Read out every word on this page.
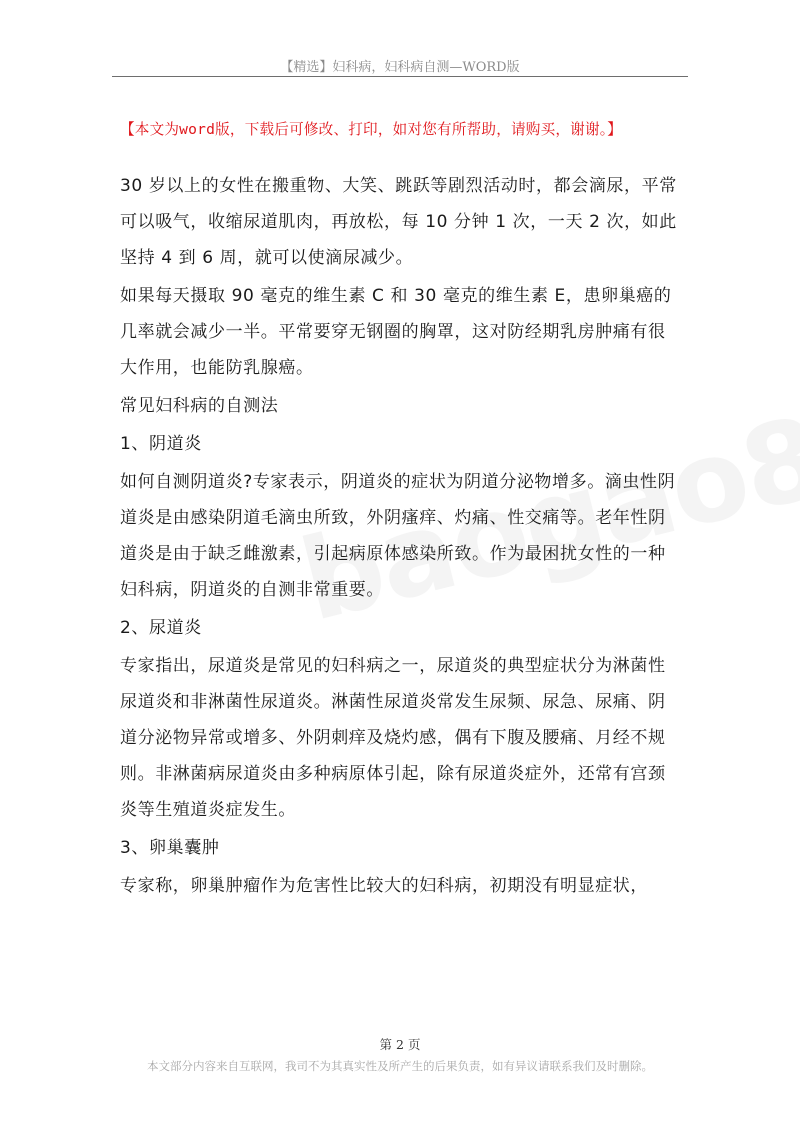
【精选】妇科病，妇科病自测—WORD版
【本文为word版，下载后可修改、打印，如对您有所帮助，请购买，谢谢。】

30 岁以上的女性在搬重物、大笑、跳跃等剧烈活动时，都会滴尿，平常可以吸气，收缩尿道肌肉，再放松，每 10 分钟 1 次，一天 2 次，如此坚持 4 到 6 周，就可以使滴尿减少。

如果每天摄取 90 毫克的维生素 C 和 30 毫克的维生素 E，患卵巢癌的几率就会减少一半。平常要穿无钢圈的胸罩，这对防经期乳房肿痛有很大作用，也能防乳腺癌。

常见妇科病的自测法

1、阴道炎

如何自测阴道炎?专家表示，阴道炎的症状为阴道分泌物增多。滴虫性阴道炎是由感染阴道毛滴虫所致，外阴瘙痒、灼痛、性交痛等。老年性阴道炎是由于缺乏雌激素，引起病原体感染所致。作为最困扰女性的一种妇科病，阴道炎的自测非常重要。

2、尿道炎

专家指出，尿道炎是常见的妇科病之一，尿道炎的典型症状分为淋菌性尿道炎和非淋菌性尿道炎。淋菌性尿道炎常发生尿频、尿急、尿痛、阴道分泌物异常或增多、外阴刺痒及烧灼感，偶有下腹及腰痛、月经不规则。非淋菌病尿道炎由多种病原体引起，除有尿道炎症外，还常有宫颈炎等生殖道炎症发生。

3、卵巢囊肿

专家称，卵巢肿瘤作为危害性比较大的妇科病，初期没有明显症状，

第 2 页
本文部分内容来自互联网，我司不为其真实性及所产生的后果负责，如有异议请联系我们及时删除。
